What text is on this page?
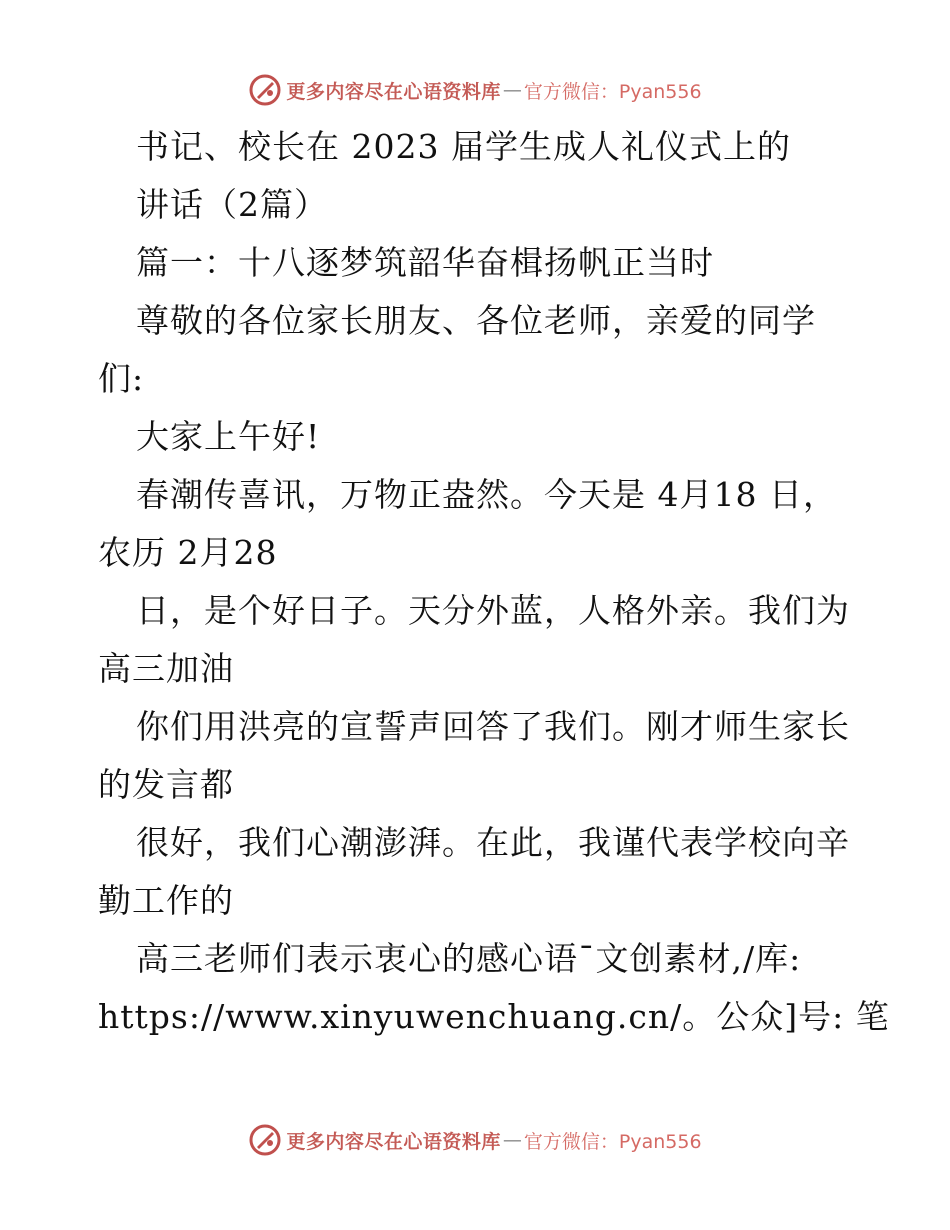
更多内容尽在心语资料库 — 官方微信：Pyan556
书记、校长在 2023 届学生成人礼仪式上的
讲话（2篇）
篇一：十八逐梦筑韶华奋楫扬帆正当时
尊敬的各位家长朋友、各位老师，亲爱的同学
们:
大家上午好!
春潮传喜讯，万物正盎然。今天是 4月18 日，
农历 2月28
日，是个好日子。天分外蓝，人格外亲。我们为
高三加油
你们用洪亮的宣誓声回答了我们。刚才师生家长
的发言都
很好，我们心潮澎湃。在此，我谨代表学校向辛
勤工作的
高三老师们表示衷心的感心语¯文创素材,/库:
https://www.xinyuwenchuang.cn/。公众]号: 笔
更多内容尽在心语资料库 — 官方微信：Pyan556
